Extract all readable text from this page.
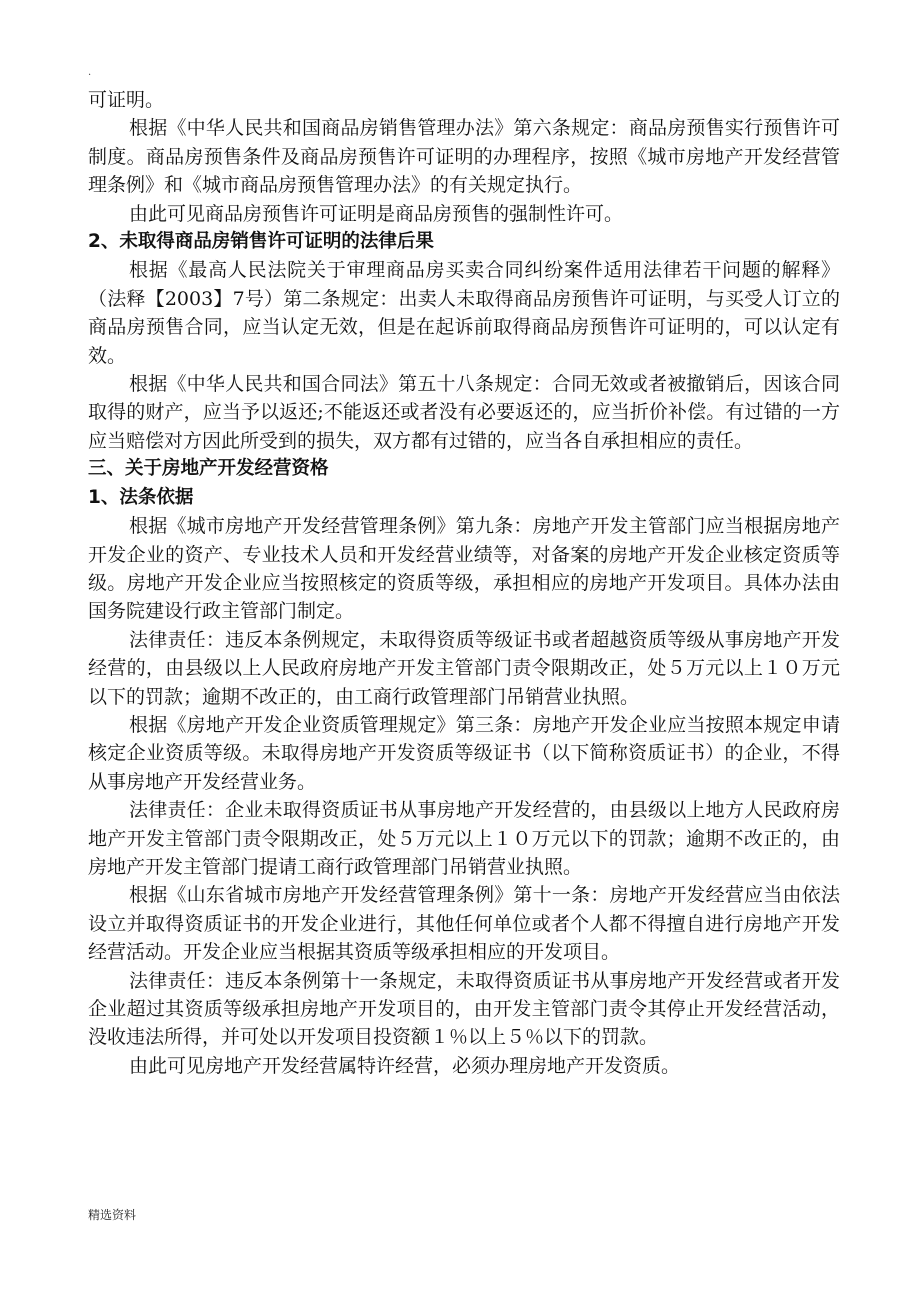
.

可证明。

根据《中华人民共和国商品房销售管理办法》第六条规定：商品房预售实行预售许可制度。商品房预售条件及商品房预售许可证明的办理程序，按照《城市房地产开发经营管理条例》和《城市商品房预售管理办法》的有关规定执行。

由此可见商品房预售许可证明是商品房预售的强制性许可。

2、未取得商品房销售许可证明的法律后果

根据《最高人民法院关于审理商品房买卖合同纠纷案件适用法律若干问题的解释》（法释【2003】7号）第二条规定：出卖人未取得商品房预售许可证明，与买受人订立的商品房预售合同，应当认定无效，但是在起诉前取得商品房预售许可证明的，可以认定有效。

根据《中华人民共和国合同法》第五十八条规定：合同无效或者被撤销后，因该合同取得的财产，应当予以返还;不能返还或者没有必要返还的，应当折价补偿。有过错的一方应当赔偿对方因此所受到的损失，双方都有过错的，应当各自承担相应的责任。

三、关于房地产开发经营资格

1、法条依据

根据《城市房地产开发经营管理条例》第九条：房地产开发主管部门应当根据房地产开发企业的资产、专业技术人员和开发经营业绩等，对备案的房地产开发企业核定资质等级。房地产开发企业应当按照核定的资质等级，承担相应的房地产开发项目。具体办法由国务院建设行政主管部门制定。

法律责任：违反本条例规定，未取得资质等级证书或者超越资质等级从事房地产开发经营的，由县级以上人民政府房地产开发主管部门责令限期改正，处５万元以上１０万元以下的罚款；逾期不改正的，由工商行政管理部门吊销营业执照。

根据《房地产开发企业资质管理规定》第三条：房地产开发企业应当按照本规定申请核定企业资质等级。未取得房地产开发资质等级证书（以下简称资质证书）的企业，不得从事房地产开发经营业务。

法律责任：企业未取得资质证书从事房地产开发经营的，由县级以上地方人民政府房地产开发主管部门责令限期改正，处５万元以上１０万元以下的罚款；逾期不改正的，由房地产开发主管部门提请工商行政管理部门吊销营业执照。

根据《山东省城市房地产开发经营管理条例》第十一条：房地产开发经营应当由依法设立并取得资质证书的开发企业进行，其他任何单位或者个人都不得擅自进行房地产开发经营活动。开发企业应当根据其资质等级承担相应的开发项目。

法律责任：违反本条例第十一条规定，未取得资质证书从事房地产开发经营或者开发企业超过其资质等级承担房地产开发项目的，由开发主管部门责令其停止开发经营活动，没收违法所得，并可处以开发项目投资额１％以上５％以下的罚款。

由此可见房地产开发经营属特许经营，必须办理房地产开发资质。

精选资料
